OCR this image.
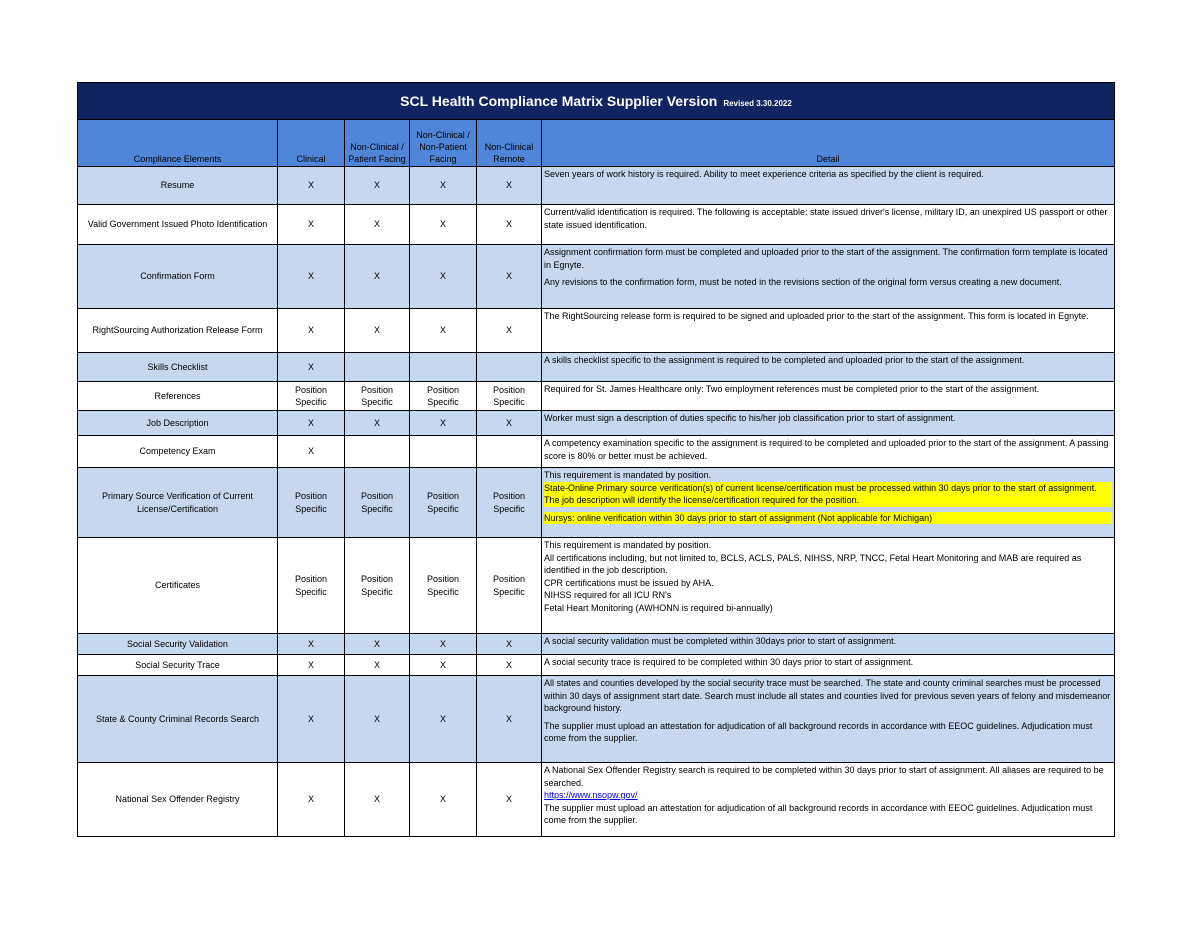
SCL Health Compliance Matrix Supplier Version Revised 3.30.2022					
Compliance Elements	Clinical	Non-Clinical / Patient Facing	Non-Clinical / Non-Patient Facing	Non-Clinical Remote	Detail
Resume	X	X	X	X	Seven years of work history is required. Ability to meet experience criteria as specified by the client is required.

Valid Government Issued Photo Identification	X	X	X	X	Current/valid identification is required. The following is acceptable: state issued driver's license, military ID, an unexpired US passport or other state issued identification.

Confirmation Form	X	X	X	X	Assignment confirmation form must be completed and uploaded prior to the start of the assignment. The confirmation form template is located in Egnyte.
Any revisions to the confirmation form, must be noted in the revisions section of the original form versus creating a new document.

RightSourcing Authorization Release Form	X	X	X	X	The RightSourcing release form is required to be signed and uploaded prior to the start of the assignment. This form is located in Egnyte.

Skills Checklist	X				A skills checklist specific to the assignment is required to be completed and uploaded prior to the start of the assignment.

References	Position Specific	Position Specific	Position Specific	Position Specific	Required for St. James Healthcare only: Two employment references must be completed prior to the start of the assignment.

Job Description	X	X	X	X	Worker must sign a description of duties specific to his/her job classification prior to start of assignment.

Competency Exam	X				A competency examination specific to the assignment is required to be completed and uploaded prior to the start of the assignment. A passing score is 80% or better must be achieved.

Primary Source Verification of Current License/Certification	Position Specific	Position Specific	Position Specific	Position Specific	This requirement is mandated by position.
State-Online Primary source verification(s) of current license/certification must be processed within 30 days prior to the start of assignment. The job description will identify the license/certification required for the position.
Nursys: online verification within 30 days prior to start of assignment (Not applicable for Michigan)

Certificates	Position Specific	Position Specific	Position Specific	Position Specific	This requirement is mandated by position.
All certifications including, but not limited to, BCLS, ACLS, PALS, NIHSS, NRP, TNCC, Fetal Heart Monitoring and MAB are required as identified in the job description.
CPR certifications must be issued by AHA.
NIHSS required for all ICU RN's
Fetal Heart Monitoring (AWHONN is required bi-annually)

Social Security Validation	X	X	X	X	A social security validation must be completed within 30days prior to start of assignment.

Social Security Trace	X	X	X	X	A social security trace is required to be completed within 30 days prior to start of assignment.

State & County Criminal Records Search	X	X	X	X	All states and counties developed by the social security trace must be searched. The state and county criminal searches must be processed within 30 days of assignment start date. Search must include all states and counties lived for previous seven years of felony and misdemeanor background history.
The supplier must upload an attestation for adjudication of all background records in accordance with EEOC guidelines. Adjudication must come from the supplier.

National Sex Offender Registry	X	X	X	X	A National Sex Offender Registry search is required to be completed within 30 days prior to start of assignment. All aliases are required to be searched.
https://www.nsopw.gov/
The supplier must upload an attestation for adjudication of all background records in accordance with EEOC guidelines. Adjudication must come from the supplier.
